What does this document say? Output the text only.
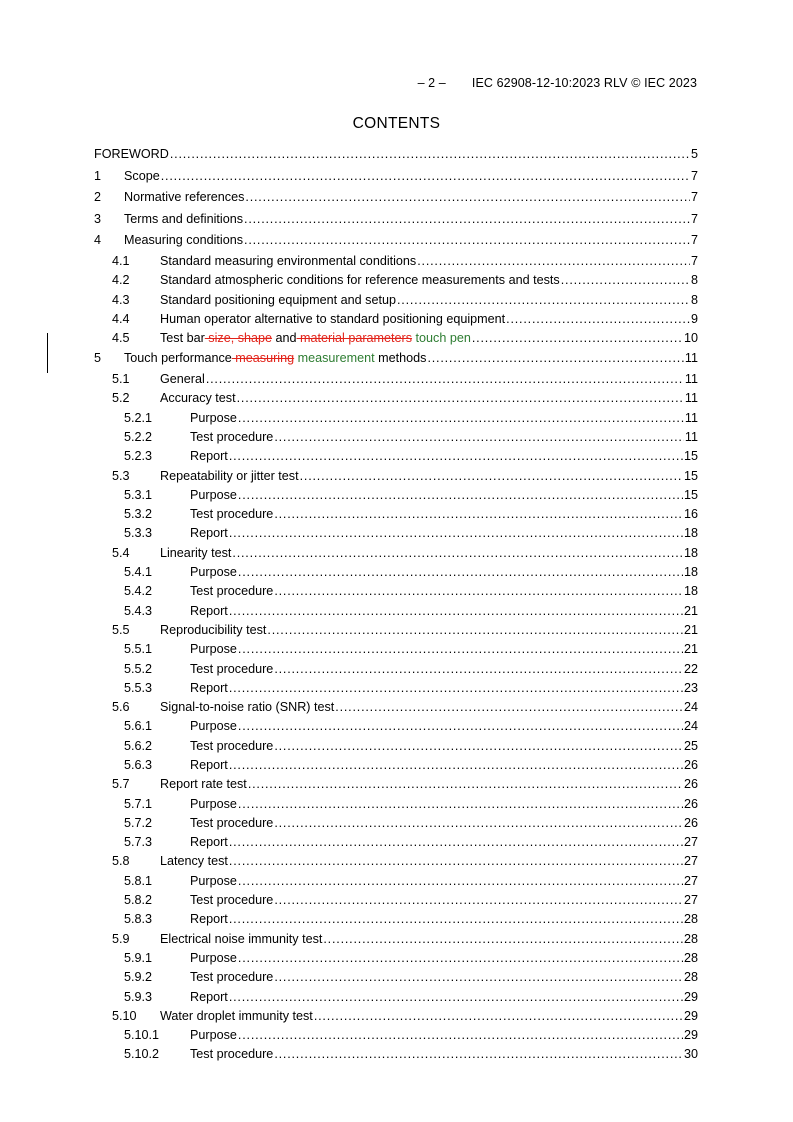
– 2 – IEC 62908-12-10:2023 RLV © IEC 2023
CONTENTS
FOREWORD .....	5
1	Scope .....	7
2	Normative references .....	7
3	Terms and definitions .....	7
4	Measuring conditions .....	7
4.1	Standard measuring environmental conditions .....	7
4.2	Standard atmospheric conditions for reference measurements and tests .....	8
4.3	Standard positioning equipment and setup .....	8
4.4	Human operator alternative to standard positioning equipment .....	9
4.5	Test bar size, shape and material parameters touch pen .....	10
5	Touch performance measuring measurement methods .....	11
5.1	General .....	11
5.2	Accuracy test .....	11
5.2.1	Purpose .....	11
5.2.2	Test procedure .....	11
5.2.3	Report .....	15
5.3	Repeatability or jitter test .....	15
5.3.1	Purpose .....	15
5.3.2	Test procedure .....	16
5.3.3	Report .....	18
5.4	Linearity test .....	18
5.4.1	Purpose .....	18
5.4.2	Test procedure .....	18
5.4.3	Report .....	21
5.5	Reproducibility test .....	21
5.5.1	Purpose .....	21
5.5.2	Test procedure .....	22
5.5.3	Report .....	23
5.6	Signal-to-noise ratio (SNR) test .....	24
5.6.1	Purpose .....	24
5.6.2	Test procedure .....	25
5.6.3	Report .....	26
5.7	Report rate test .....	26
5.7.1	Purpose .....	26
5.7.2	Test procedure .....	26
5.7.3	Report .....	27
5.8	Latency test .....	27
5.8.1	Purpose .....	27
5.8.2	Test procedure .....	27
5.8.3	Report .....	28
5.9	Electrical noise immunity test .....	28
5.9.1	Purpose .....	28
5.9.2	Test procedure .....	28
5.9.3	Report .....	29
5.10	Water droplet immunity test .....	29
5.10.1	Purpose .....	29
5.10.2	Test procedure .....	30
